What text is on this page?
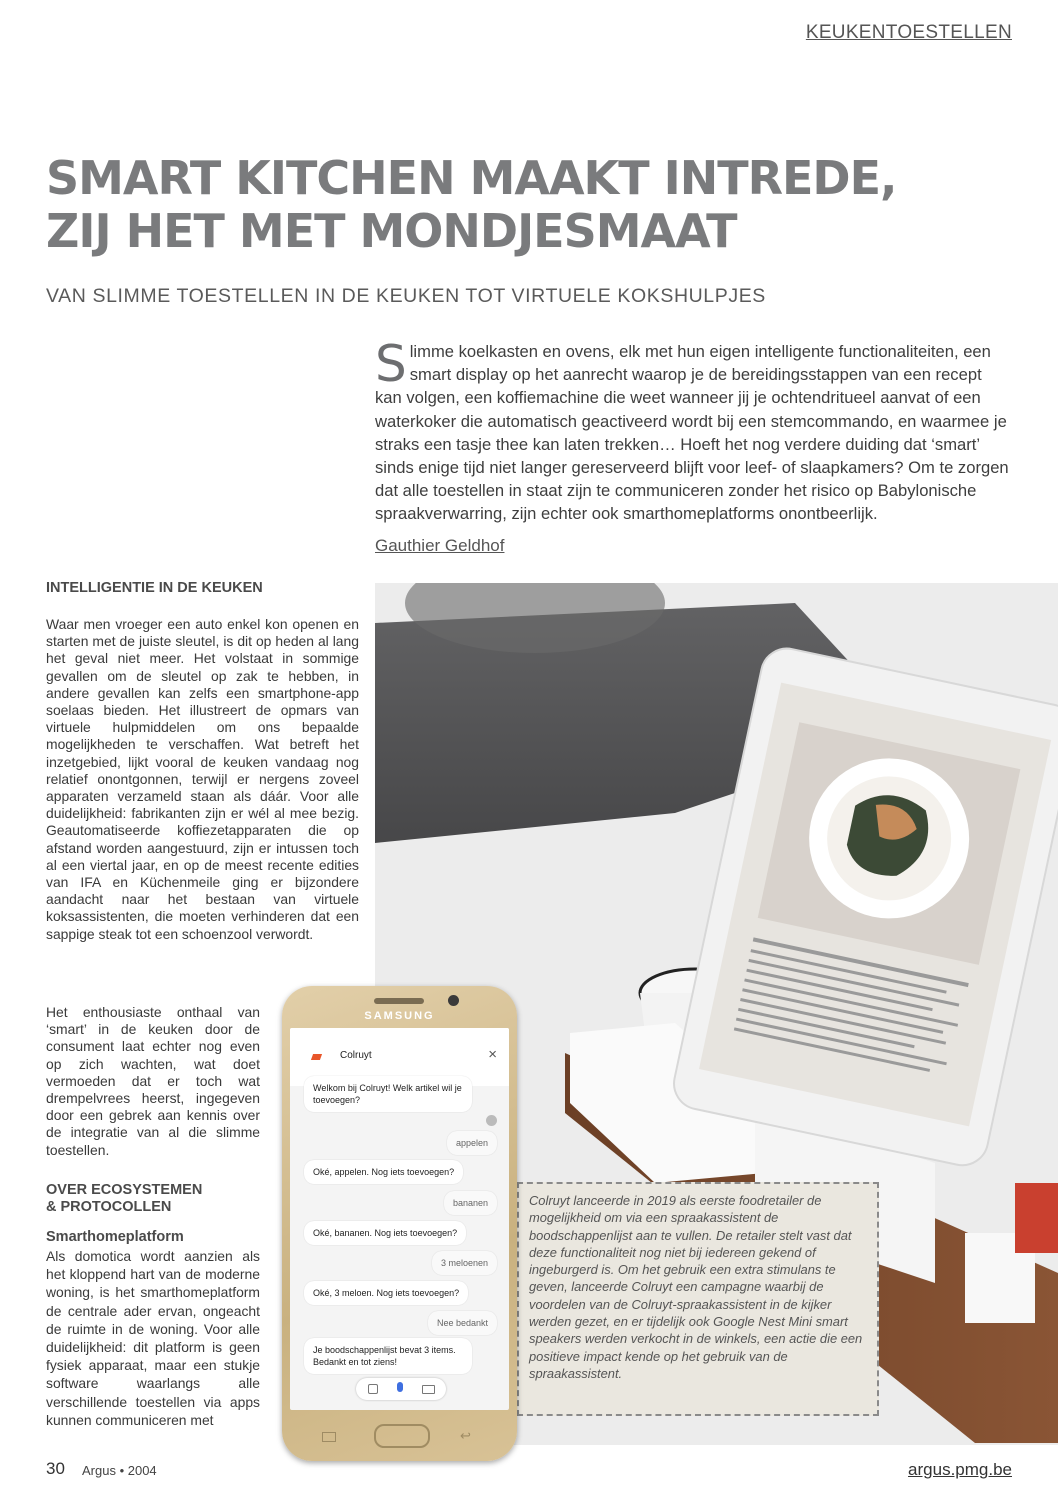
KEUKENTOESTELLEN
SMART KITCHEN MAAKT INTREDE,
ZIJ HET MET MONDJESMAAT
VAN SLIMME TOESTELLEN IN DE KEUKEN TOT VIRTUELE KOKSHULPJES

Slimme koelkasten en ovens, elk met hun eigen intelligente functionaliteiten, een smart display op het aanrecht waarop je de bereidingsstappen van een recept kan volgen, een koffiemachine die weet wanneer jij je ochtendritueel aanvat of een waterkoker die automatisch geactiveerd wordt bij een stemcommando, en waarmee je straks een tasje thee kan laten trekken… Hoeft het nog verdere duiding dat ‘smart’ sinds enige tijd niet langer gereserveerd blijft voor leef- of slaapkamers? Om te zorgen dat alle toestellen in staat zijn te communiceren zonder het risico op Babylonische spraakverwarring, zijn echter ook smarthomeplatforms onontbeerlijk.

Gauthier Geldhof
INTELLIGENTIE IN DE KEUKEN

Waar men vroeger een auto enkel kon openen en starten met de juiste sleutel, is dit op heden al lang het geval niet meer. Het volstaat in sommige gevallen om de sleutel op zak te hebben, in andere gevallen kan zelfs een smartphone-app soelaas bieden. Het illustreert de opmars van virtuele hulpmiddelen om ons bepaalde mogelijkheden te verschaffen. Wat betreft het inzetgebied, lijkt vooral de keuken vandaag nog relatief onontgonnen, terwijl er nergens zoveel apparaten verzameld staan als dáár. Voor alle duidelijkheid: fabrikanten zijn er wél al mee bezig. Geautomatiseerde koffiezetapparaten die op afstand worden aangestuurd, zijn er intussen toch al een viertal jaar, en op de meest recente edities van IFA en Küchenmeile ging er bijzondere aandacht naar het bestaan van virtuele koksassistenten, die moeten verhinderen dat een sappige steak tot een schoenzool verwordt.

Het enthousiaste onthaal van ‘smart’ in de keuken door de consument laat echter nog even op zich wachten, wat doet vermoeden dat er toch wat drempelvrees heerst, ingegeven door een gebrek aan kennis over de integratie van al die slimme toestellen.

OVER ECOSYSTEMEN
& PROTOCOLLEN
Smarthomeplatform

Als domotica wordt aanzien als het kloppend hart van de moderne woning, is het smarthomeplatform de centrale ader ervan, ongeacht de ruimte in de woning. Voor alle duidelijkheid: dit platform is geen fysiek apparaat, maar een stukje software waarlangs alle verschillende toestellen via apps kunnen communiceren met

Colruyt lanceerde in 2019 als eerste foodretailer de mogelijkheid om via een spraakassistent de boodschappenlijst aan te vullen. De retailer stelt vast dat deze functionaliteit nog niet bij iedereen gekend of ingeburgerd is. Om het gebruik een extra stimulans te geven, lanceerde Colruyt een campagne waarbij de voordelen van de Colruyt-spraakassistent in de kijker werden gezet, en er tijdelijk ook Google Nest Mini smart speakers werden verkocht in de winkels, een actie die een positieve impact kende op het gebruik van de spraakassistent.
SAMSUNG
Colruyt	×
Welkom bij Colruyt! Welk artikel wil je toevoegen?
appelen
Oké, appelen. Nog iets toevoegen?
bananen
Oké, bananen. Nog iets toevoegen?
3 meloenen
Oké, 3 meloen. Nog iets toevoegen?
Nee bedankt
Je boodschappenlijst bevat 3 items. Bedankt en tot ziens!
↩
30 Argus • 2004	argus.pmg.be
